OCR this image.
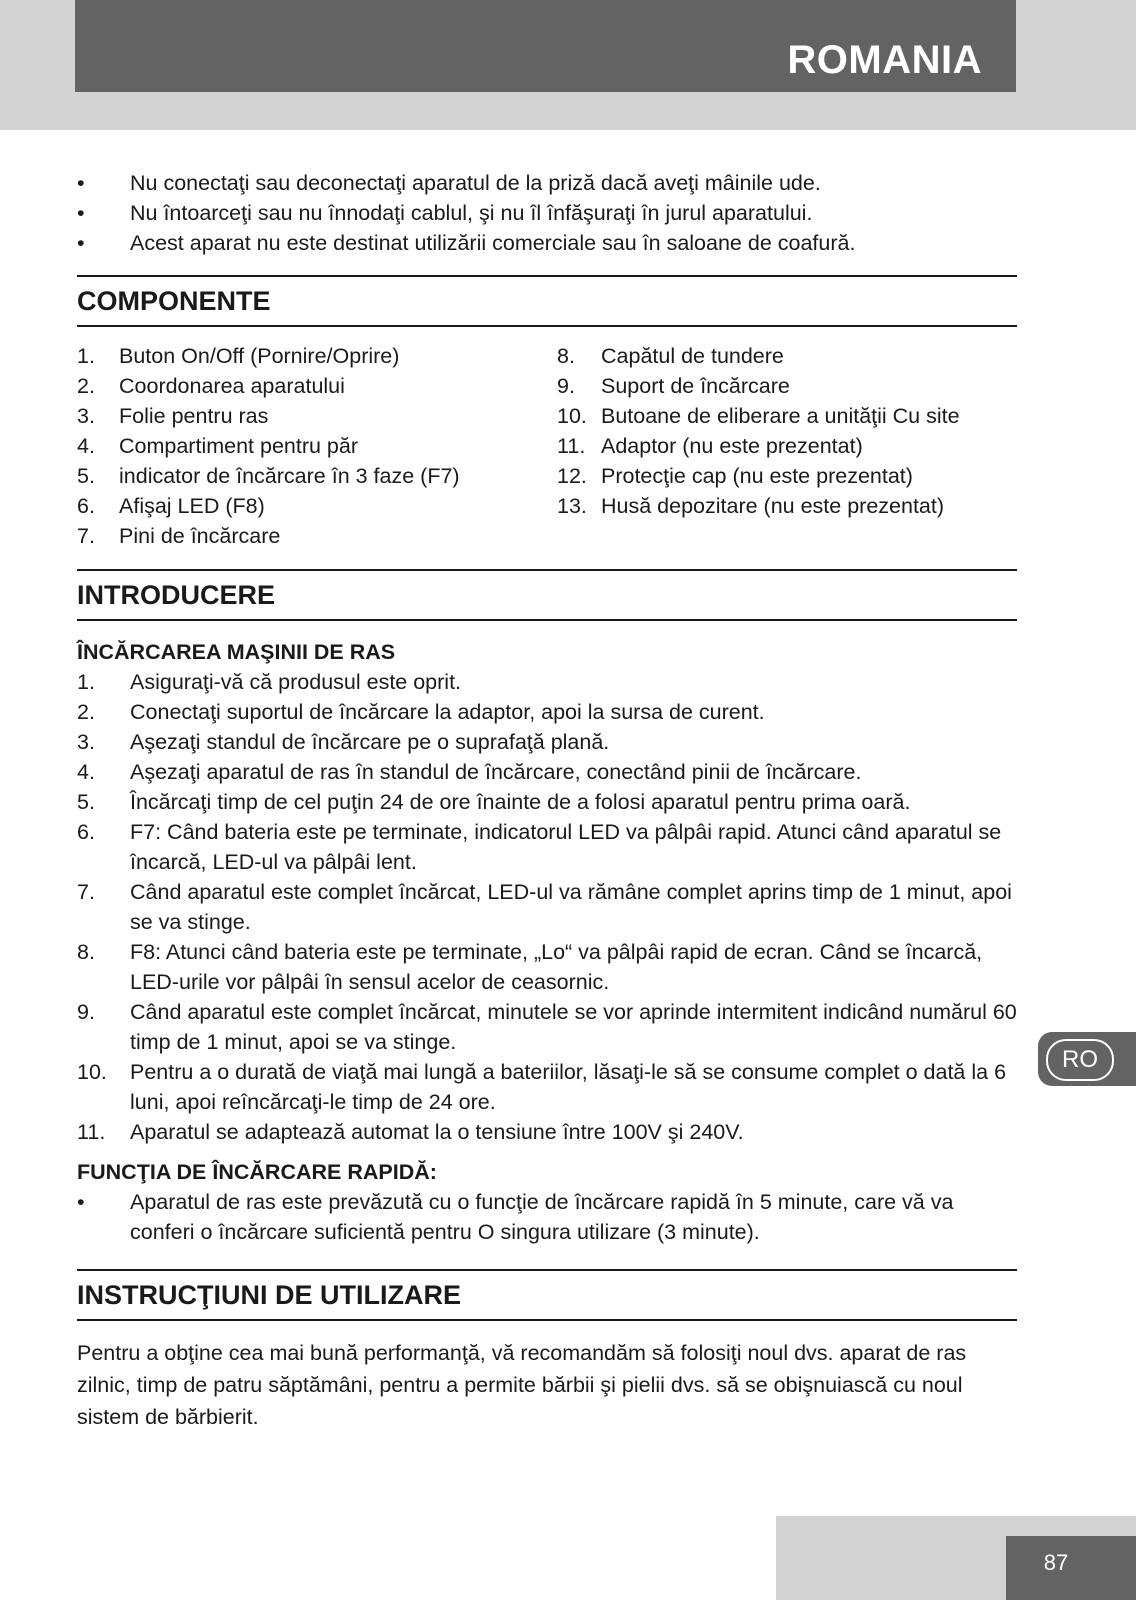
ROMANIA
•	Nu conectaţi sau deconectaţi aparatul de la priză dacă aveţi mâinile ude.
•	Nu întoarceţi sau nu înnodaţi cablul, şi nu îl înfăşuraţi în jurul aparatului.
•	Acest aparat nu este destinat utilizării comerciale sau în saloane de coafură.
COMPONENTE
1.	Buton On/Off (Pornire/Oprire)
2.	Coordonarea aparatului
3.	Folie pentru ras
4.	Compartiment pentru păr
5.	indicator de încărcare în 3 faze (F7)
6.	Afişaj LED (F8)
7.	Pini de încărcare
8.	Capătul de tundere
9.	Suport de încărcare
10. Butoane de eliberare a unităţii Cu site
11. Adaptor (nu este prezentat)
12. Protecţie cap (nu este prezentat)
13. Husă depozitare (nu este prezentat)
INTRODUCERE
ÎNCĂRCAREA MAŞINII DE RAS
1.	Asiguraţi-vă că produsul este oprit.
2.	Conectaţi suportul de încărcare la adaptor, apoi la sursa de curent.
3.	Aşezaţi standul de încărcare pe o suprafaţă plană.
4.	Aşezaţi aparatul de ras în standul de încărcare, conectând pinii de încărcare.
5.	Încărcaţi timp de cel puţin 24 de ore înainte de a folosi aparatul pentru prima oară.
6.	F7: Când bateria este pe terminate, indicatorul LED va pâlpâi rapid. Atunci când aparatul se încarcă, LED-ul va pâlpâi lent.
7.	Când aparatul este complet încărcat, LED-ul va rămâne complet aprins timp de 1 minut, apoi se va stinge.
8.	F8: Atunci când bateria este pe terminate, „Lo“ va pâlpâi rapid de ecran. Când se încarcă, LED-urile vor pâlpâi în sensul acelor de ceasornic.
9.	Când aparatul este complet încărcat, minutele se vor aprinde intermitent indicând numărul 60 timp de 1 minut, apoi se va stinge.
10.	Pentru a o durată de viaţă mai lungă a bateriilor, lăsaţi-le să se consume complet o dată la 6 luni, apoi reîncărcaţi-le timp de 24 ore.
11.	Aparatul se adaptează automat la o tensiune între 100V şi 240V.
FUNCŢIA DE ÎNCĂRCARE RAPIDĂ:
•	Aparatul de ras este prevăzută cu o funcţie de încărcare rapidă în 5 minute, care vă va conferi o încărcare suficientă pentru O singura utilizare (3 minute).
INSTRUCŢIUNI DE UTILIZARE
Pentru a obţine cea mai bună performanţă, vă recomandăm să folosiţi noul dvs. aparat de ras zilnic, timp de patru săptămâni, pentru a permite bărbii şi pielii dvs. să se obişnuiască cu noul sistem de bărbierit.
RO
87
